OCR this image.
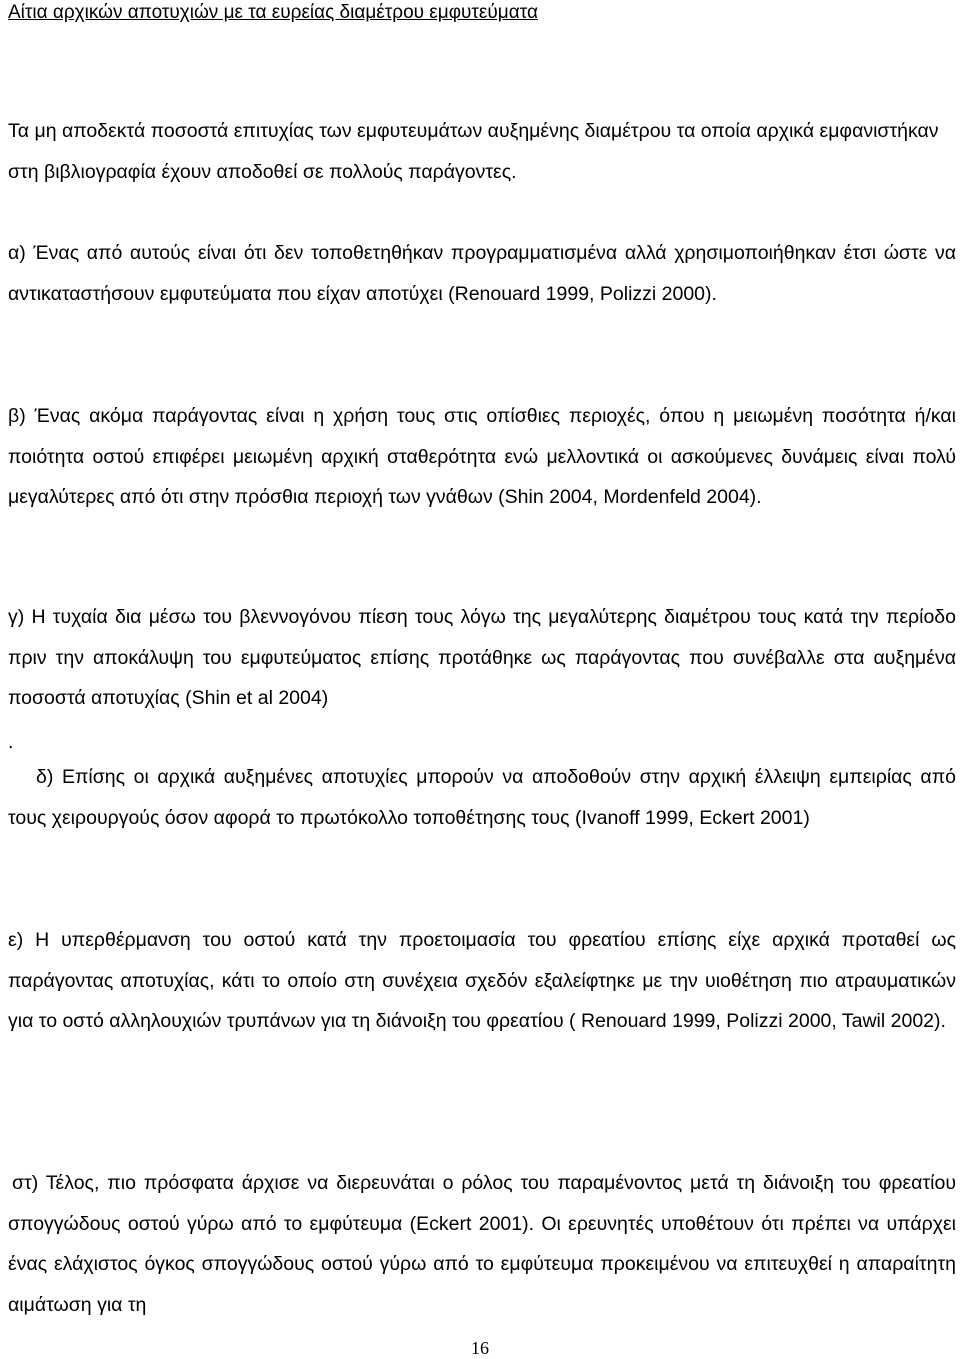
Αίτια αρχικών αποτυχιών με τα ευρείας διαμέτρου εμφυτεύματα

Τα μη αποδεκτά ποσοστά επιτυχίας των εμφυτευμάτων αυξημένης διαμέτρου τα οποία αρχικά εμφανιστήκαν στη βιβλιογραφία έχουν αποδοθεί σε πολλούς παράγοντες.

α) Ένας από αυτούς είναι ότι δεν τοποθετηθήκαν προγραμματισμένα αλλά χρησιμοποιήθηκαν έτσι ώστε να αντικαταστήσουν εμφυτεύματα που είχαν αποτύχει (Renouard 1999, Polizzi 2000).

β) Ένας ακόμα παράγοντας είναι η χρήση τους στις οπίσθιες περιοχές, όπου η μειωμένη ποσότητα ή/και ποιότητα οστού επιφέρει μειωμένη αρχική σταθερότητα ενώ μελλοντικά οι ασκούμενες δυνάμεις είναι πολύ μεγαλύτερες από ότι στην πρόσθια περιοχή των γνάθων (Shin 2004, Mordenfeld 2004).

γ) Η τυχαία δια μέσω του βλεννογόνου πίεση τους λόγω της μεγαλύτερης διαμέτρου τους κατά την περίοδο πριν την αποκάλυψη του εμφυτεύματος επίσης προτάθηκε ως παράγοντας που συνέβαλλε στα αυξημένα ποσοστά αποτυχίας (Shin et al 2004)

.

δ) Επίσης οι αρχικά αυξημένες αποτυχίες μπορούν να αποδοθούν στην αρχική έλλειψη εμπειρίας από τους χειρουργούς όσον αφορά το πρωτόκολλο τοποθέτησης τους (Ivanoff 1999, Eckert 2001)

ε) Η υπερθέρμανση του οστού κατά την προετοιμασία του φρεατίου επίσης είχε αρχικά προταθεί ως παράγοντας αποτυχίας, κάτι το οποίο στη συνέχεια σχεδόν εξαλείφτηκε με την υιοθέτηση πιο ατραυματικών για το οστό αλληλουχιών τρυπάνων για τη διάνοιξη του φρεατίου ( Renouard 1999, Polizzi 2000, Tawil 2002).

στ) Τέλος, πιο πρόσφατα άρχισε να διερευνάται ο ρόλος του παραμένοντος μετά τη διάνοιξη του φρεατίου σπογγώδους οστού γύρω από το εμφύτευμα (Eckert 2001). Οι ερευνητές υποθέτουν ότι πρέπει να υπάρχει ένας ελάχιστος όγκος σπογγώδους οστού γύρω από το εμφύτευμα προκειμένου να επιτευχθεί η απαραίτητη αιμάτωση για τη

16
